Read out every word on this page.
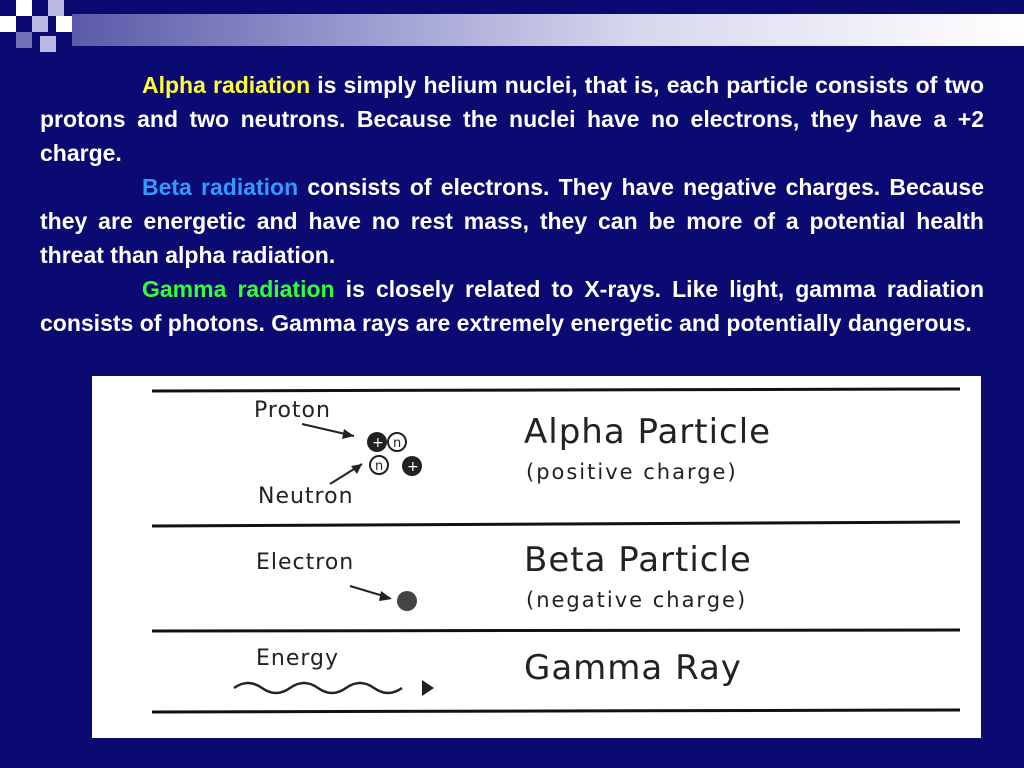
Alpha radiation is simply helium nuclei, that is, each particle consists of two protons and two neutrons. Because the nuclei have no electrons, they have a +2 charge.

Beta radiation consists of electrons. They have negative charges. Because they are energetic and have no rest mass, they can be more of a potential health threat than alpha radiation.

Gamma radiation is closely related to X-rays. Like light, gamma radiation consists of photons. Gamma rays are extremely energetic and potentially dangerous.

n
n
+
+
Proton
Neutron
Alpha Particle
(positive charge)
Electron	Beta Particle
(negative charge)
Energy	Gamma Ray
